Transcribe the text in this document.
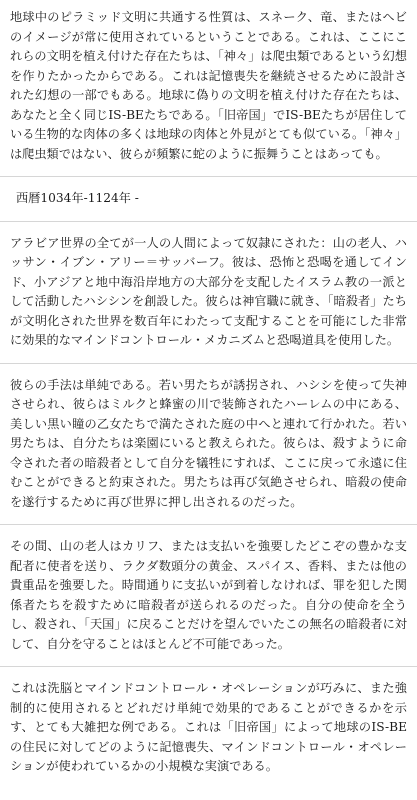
地球中のピラミッド文明に共通する性質は、スネーク、竜、またはヘビのイメージが常に使用されているということである。これは、ここにこれらの文明を植え付けた存在たちは、「神々」は爬虫類であるという幻想を作りたかったからである。これは記憶喪失を継続させるために設計された幻想の一部でもある。地球に偽りの文明を植え付けた存在たちは、あなたと全く同じIS-BEたちである。「旧帝国」でIS-BEたちが居住している生物的な肉体の多くは地球の肉体と外見がとても似ている。「神々」は爬虫類ではない、彼らが頻繁に蛇のように振舞うことはあっても。

西暦1034年-1124年 -

アラビア世界の全てが一人の人間によって奴隷にされた：山の老人、ハッサン・イブン・アリー＝サッバーフ。彼は、恐怖と恐喝を通してインド、小アジアと地中海沿岸地方の大部分を支配したイスラム教の一派として活動したハシシンを創設した。彼らは神官職に就き、「暗殺者」たちが文明化された世界を数百年にわたって支配することを可能にした非常に効果的なマインドコントロール・メカニズムと恐喝道具を使用した。

彼らの手法は単純である。若い男たちが誘拐され、ハシシを使って失神させられ、彼らはミルクと蜂蜜の川で装飾されたハーレムの中にある、美しい黒い瞳の乙女たちで満たされた庭の中へと連れて行かれた。若い男たちは、自分たちは楽園にいると教えられた。彼らは、殺すように命令された者の暗殺者として自分を犠牲にすれば、ここに戻って永遠に住むことができると約束された。男たちは再び気絶させられ、暗殺の使命を遂行するために再び世界に押し出されるのだった。

その間、山の老人はカリフ、または支払いを強要したどこぞの豊かな支配者に使者を送り、ラクダ数頭分の黄金、スパイス、香料、または他の貴重品を強要した。時間通りに支払いが到着しなければ、罪を犯した関係者たちを殺すために暗殺者が送られるのだった。自分の使命を全うし、殺され、「天国」に戻ることだけを望んでいたこの無名の暗殺者に対して、自分を守ることはほとんど不可能であった。

これは洗脳とマインドコントロール・オペレーションが巧みに、また強制的に使用されるとどれだけ単純で効果的であることができるかを示す、とても大雑把な例である。これは「旧帝国」によって地球のIS-BEの住民に対してどのように記憶喪失、マインドコントロール・オペレーションが使われているかの小規模な実演である。
